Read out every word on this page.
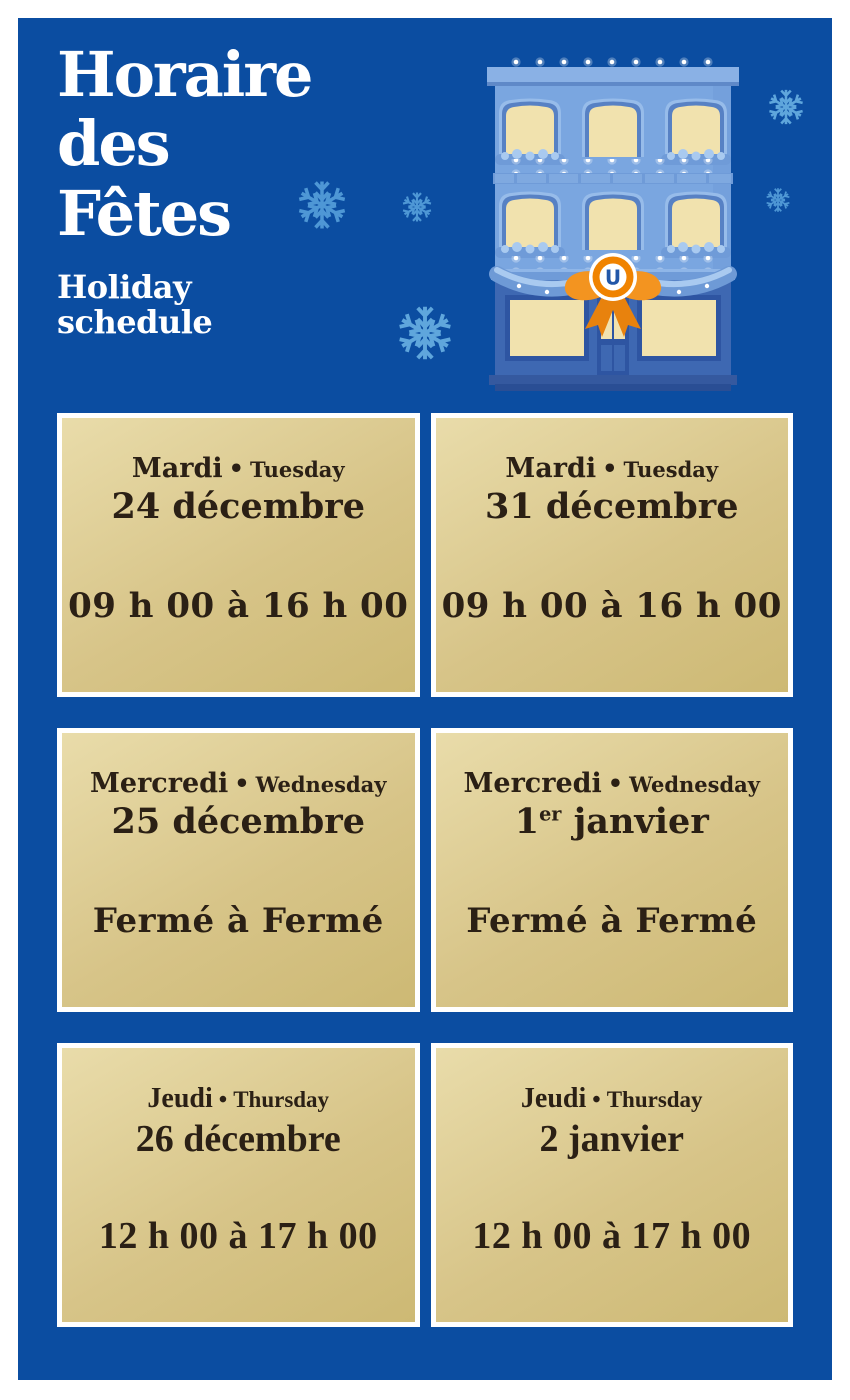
Horaire
des
Fêtes
Holiday
schedule
U
Mardi • Tuesday
24 décembre
09 h 00 à 16 h 00
Mardi • Tuesday
31 décembre
09 h 00 à 16 h 00
Mercredi • Wednesday
25 décembre
Fermé à Fermé
Mercredi • Wednesday
1er janvier
Fermé à Fermé
Jeudi • Thursday
26 décembre
12 h 00 à 17 h 00
Jeudi • Thursday
2 janvier
12 h 00 à 17 h 00
